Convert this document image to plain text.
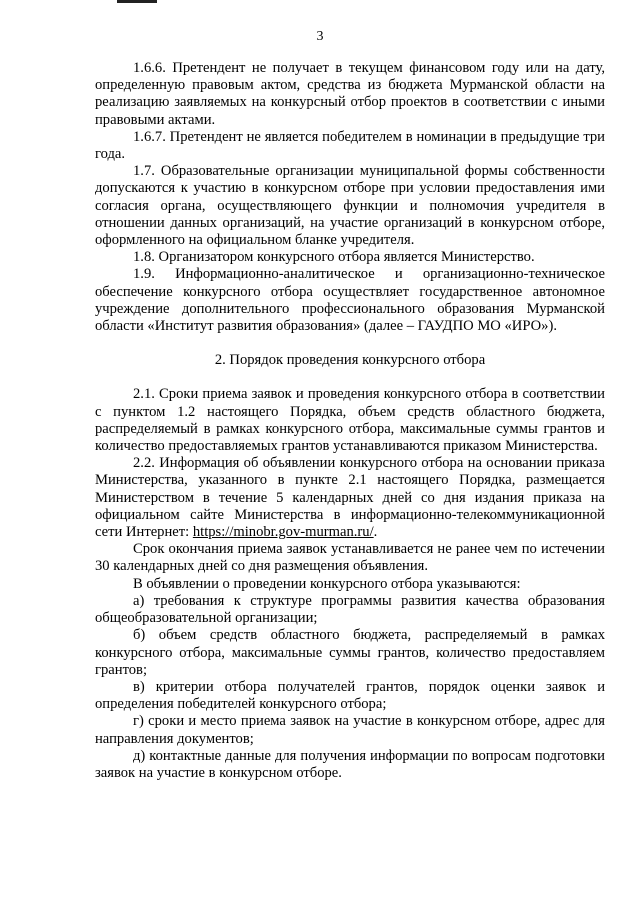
3

1.6.6. Претендент не получает в текущем финансовом году или на дату, определенную правовым актом, средства из бюджета Мурманской области на реализацию заявляемых на конкурсный отбор проектов в соответствии с иными правовыми актами.

1.6.7. Претендент не является победителем в номинации в предыдущие три года.

1.7. Образовательные организации муниципальной формы собственности допускаются к участию в конкурсном отборе при условии предоставления ими согласия органа, осуществляющего функции и полномочия учредителя в отношении данных организаций, на участие организаций в конкурсном отборе, оформленного на официальном бланке учредителя.

1.8. Организатором конкурсного отбора является Министерство.

1.9. Информационно-аналитическое и организационно-техническое обеспечение конкурсного отбора осуществляет государственное автономное учреждение дополнительного профессионального образования Мурманской области «Институт развития образования» (далее – ГАУДПО МО «ИРО»).

2. Порядок проведения конкурсного отбора

2.1. Сроки приема заявок и проведения конкурсного отбора в соответствии с пунктом 1.2 настоящего Порядка, объем средств областного бюджета, распределяемый в рамках конкурсного отбора, максимальные суммы грантов и количество предоставляемых грантов устанавливаются приказом Министерства.

2.2. Информация об объявлении конкурсного отбора на основании приказа Министерства, указанного в пункте 2.1 настоящего Порядка, размещается Министерством в течение 5 календарных дней со дня издания приказа на официальном сайте Министерства в информационно-телекоммуникационной сети Интернет: https://minobr.gov-murman.ru/.

Срок окончания приема заявок устанавливается не ранее чем по истечении 30 календарных дней со дня размещения объявления.

В объявлении о проведении конкурсного отбора указываются:

а) требования к структуре программы развития качества образования общеобразовательной организации;

б) объем средств областного бюджета, распределяемый в рамках конкурсного отбора, максимальные суммы грантов, количество предоставляем грантов;

в) критерии отбора получателей грантов, порядок оценки заявок и определения победителей конкурсного отбора;

г) сроки и место приема заявок на участие в конкурсном отборе, адрес для направления документов;

д) контактные данные для получения информации по вопросам подготовки заявок на участие в конкурсном отборе.
